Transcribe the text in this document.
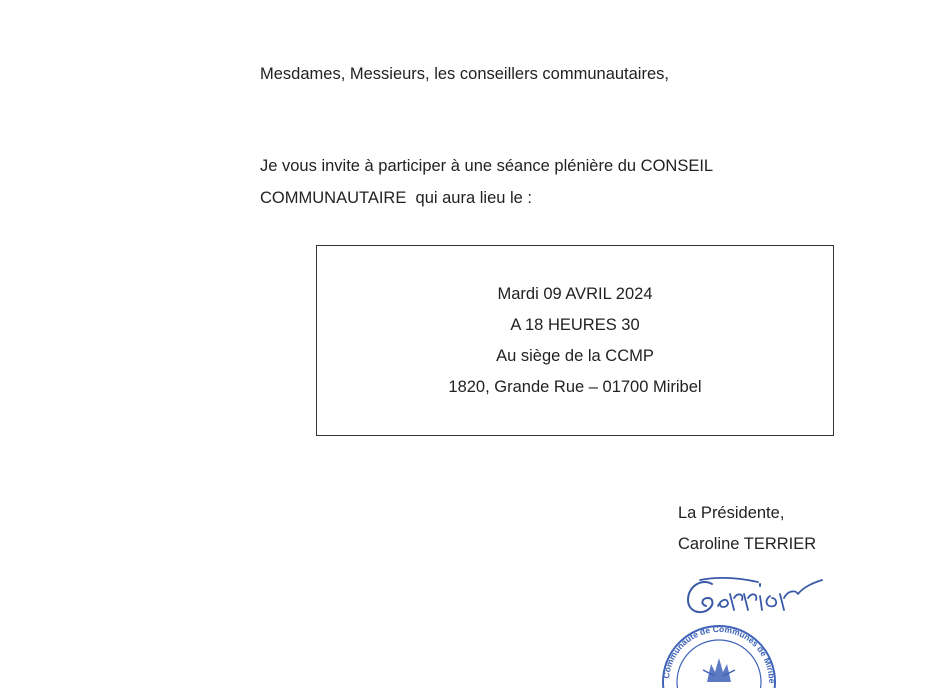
Mesdames, Messieurs, les conseillers communautaires,
Je vous invite à participer à une séance plénière du CONSEIL
COMMUNAUTAIRE  qui aura lieu le :
Mardi 09 AVRIL 2024
A 18 HEURES 30
Au siège de la CCMP
1820, Grande Rue – 01700 Miribel
La Présidente,
Caroline TERRIER
Communauté de Communes de Miribe
